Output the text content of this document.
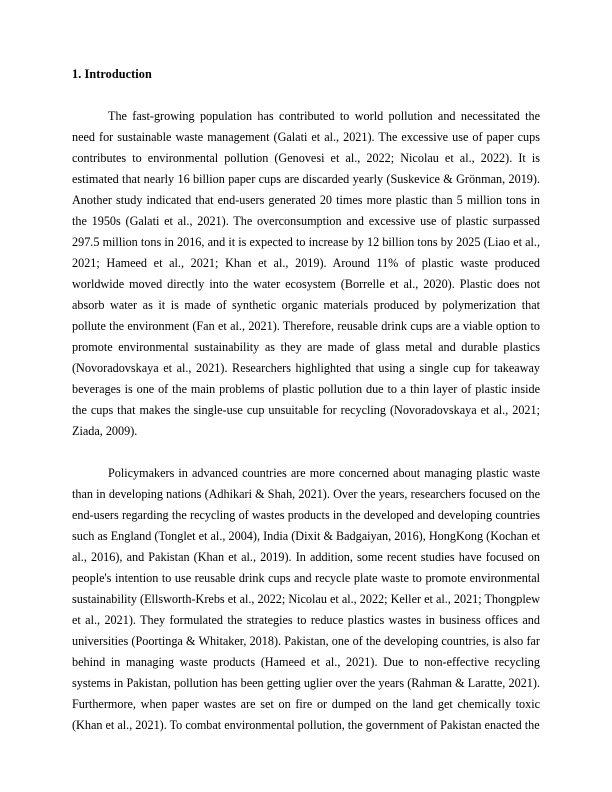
1. Introduction

The fast-growing population has contributed to world pollution and necessitated the need for sustainable waste management (Galati et al., 2021). The excessive use of paper cups contributes to environmental pollution (Genovesi et al., 2022; Nicolau et al., 2022). It is estimated that nearly 16 billion paper cups are discarded yearly (Suskevice & Grönman, 2019). Another study indicated that end-users generated 20 times more plastic than 5 million tons in the 1950s (Galati et al., 2021). The overconsumption and excessive use of plastic surpassed 297.5 million tons in 2016, and it is expected to increase by 12 billion tons by 2025 (Liao et al., 2021; Hameed et al., 2021; Khan et al., 2019). Around 11% of plastic waste produced worldwide moved directly into the water ecosystem (Borrelle et al., 2020). Plastic does not absorb water as it is made of synthetic organic materials produced by polymerization that pollute the environment (Fan et al., 2021). Therefore, reusable drink cups are a viable option to promote environmental sustainability as they are made of glass metal and durable plastics (Novoradovskaya et al., 2021). Researchers highlighted that using a single cup for takeaway beverages is one of the main problems of plastic pollution due to a thin layer of plastic inside the cups that makes the single-use cup unsuitable for recycling (Novoradovskaya et al., 2021; Ziada, 2009).

Policymakers in advanced countries are more concerned about managing plastic waste than in developing nations (Adhikari & Shah, 2021). Over the years, researchers focused on the end-users regarding the recycling of wastes products in the developed and developing countries such as England (Tonglet et al., 2004), India (Dixit & Badgaiyan, 2016), HongKong (Kochan et al., 2016), and Pakistan (Khan et al., 2019). In addition, some recent studies have focused on people's intention to use reusable drink cups and recycle plate waste to promote environmental sustainability (Ellsworth-Krebs et al., 2022; Nicolau et al., 2022; Keller et al., 2021; Thongplew et al., 2021). They formulated the strategies to reduce plastics wastes in business offices and universities (Poortinga & Whitaker, 2018). Pakistan, one of the developing countries, is also far behind in managing waste products (Hameed et al., 2021). Due to non-effective recycling systems in Pakistan, pollution has been getting uglier over the years (Rahman & Laratte, 2021). Furthermore, when paper wastes are set on fire or dumped on the land get chemically toxic (Khan et al., 2021). To combat environmental pollution, the government of Pakistan enacted the
